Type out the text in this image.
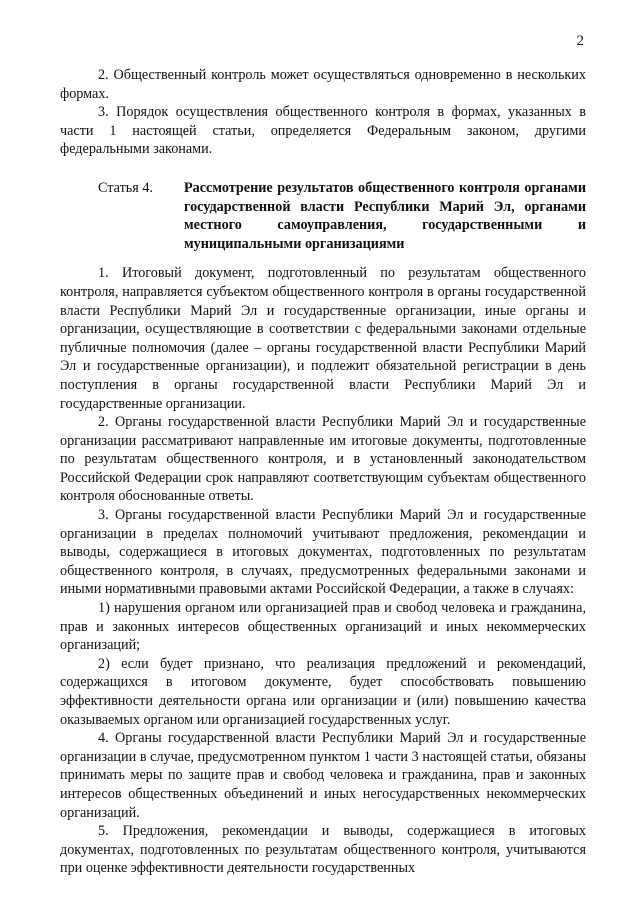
2

2. Общественный контроль может осуществляться одновременно в нескольких формах.

3. Порядок осуществления общественного контроля в формах, указанных в части 1 настоящей статьи, определяется Федеральным законом, другими федеральными законами.

Статья 4.	Рассмотрение результатов общественного контроля органами государственной власти Республики Марий Эл, органами местного самоуправления, государственными и муниципальными организациями

1. Итоговый документ, подготовленный по результатам общественного контроля, направляется субъектом общественного контроля в органы государственной власти Республики Марий Эл и государственные организации, иные органы и организации, осуществляющие в соответствии с федеральными законами отдельные публичные полномочия (далее – органы государственной власти Республики Марий Эл и государственные организации), и подлежит обязательной регистрации в день поступления в органы государственной власти Республики Марий Эл и государственные организации.

2. Органы государственной власти Республики Марий Эл и государственные организации рассматривают направленные им итоговые документы, подготовленные по результатам общественного контроля, и в установленный законодательством Российской Федерации срок направляют соответствующим субъектам общественного контроля обоснованные ответы.

3. Органы государственной власти Республики Марий Эл и государственные организации в пределах полномочий учитывают предложения, рекомендации и выводы, содержащиеся в итоговых документах, подготовленных по результатам общественного контроля, в случаях, предусмотренных федеральными законами и иными нормативными правовыми актами Российской Федерации, а также в случаях:

1) нарушения органом или организацией прав и свобод человека и гражданина, прав и законных интересов общественных организаций и иных некоммерческих организаций;

2) если будет признано, что реализация предложений и рекомендаций, содержащихся в итоговом документе, будет способствовать повышению эффективности деятельности органа или организации и (или) повышению качества оказываемых органом или организацией государственных услуг.

4. Органы государственной власти Республики Марий Эл и государственные организации в случае, предусмотренном пунктом 1 части 3 настоящей статьи, обязаны принимать меры по защите прав и свобод человека и гражданина, прав и законных интересов общественных объединений и иных негосударственных некоммерческих организаций.

5. Предложения, рекомендации и выводы, содержащиеся в итоговых документах, подготовленных по результатам общественного контроля, учитываются при оценке эффективности деятельности государственных
